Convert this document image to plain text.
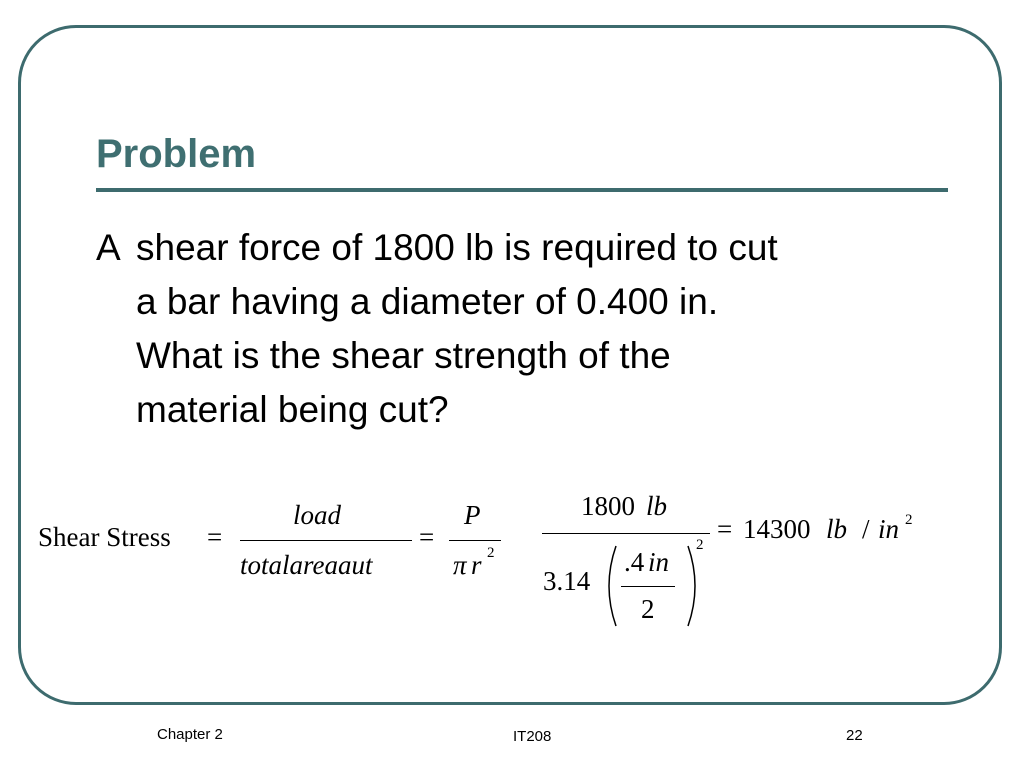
Problem
A shear force of 1800 lb is required to cut
a bar having a diameter of 0.400 in.
What is the shear strength of the
material being cut?
Shear Stress =
load
totalareaaut
=
P
π r 2
1800 lb
3.14
.4 in
2
2
= 14300 lb / in 2
Chapter 2	IT208	22
